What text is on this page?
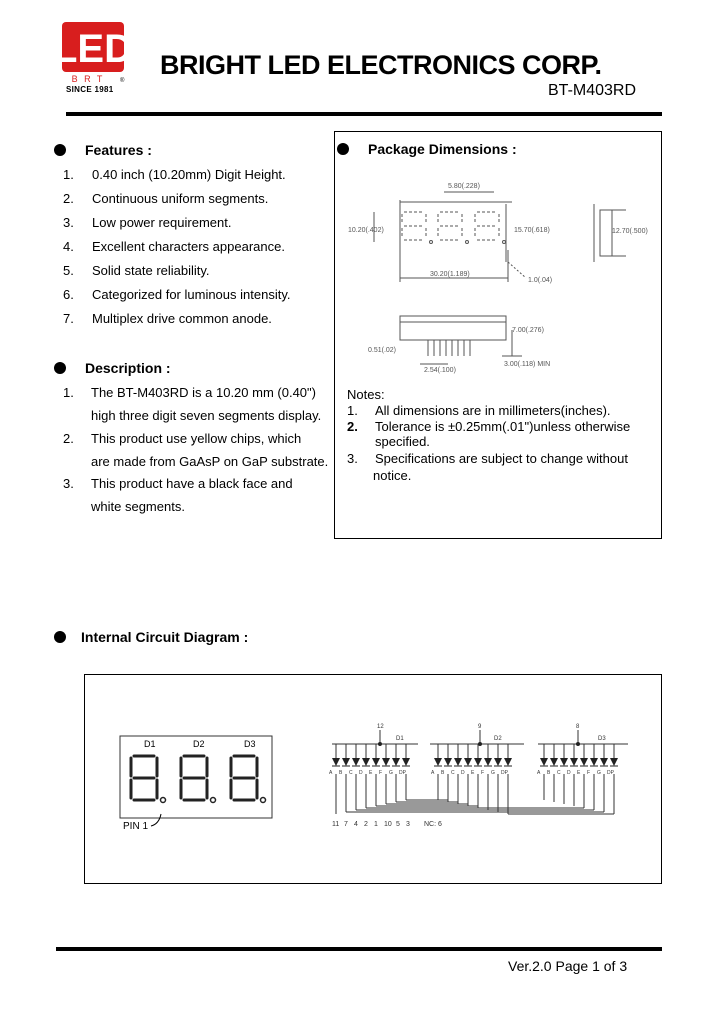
LED
B R T	®
SINCE 1981
BRIGHT LED ELECTRONICS CORP.
BT-M403RD
Features :
1. 0.40 inch (10.20mm) Digit Height.
2. Continuous uniform segments.
3. Low power requirement.
4. Excellent characters appearance.
5. Solid state reliability.
6. Categorized for luminous intensity.
7. Multiplex drive common anode.
Description :
1. The BT-M403RD is a 10.20 mm (0.40")
high three digit seven segments display.
2. This product use yellow chips, which
are made from GaAsP on GaP substrate.
3. This product have a black face and
white segments.
Package Dimensions :
5.80(.228)
10.20(.402)	15.70(.618)	12.70(.500)
30.20(1.189)
1.0(.04)
7.00(.276)
2.54(.100)
3.00(.118) MIN
0.51(.02)
Notes:
1. All dimensions are in millimeters(inches).
2. Tolerance is ±0.25mm(.01")unless otherwise
specified.
3. Specifications are subject to change without
notice.
Internal Circuit Diagram :
D1	D2	D3
PIN 1
12	9	8
D1	D2	D3
A B C D E F G DP	A B C D E F G DP	A B C D E F G DP
11 7 4 2 1 10 5 3 NC: 6
Ver.2.0 Page 1 of 3
